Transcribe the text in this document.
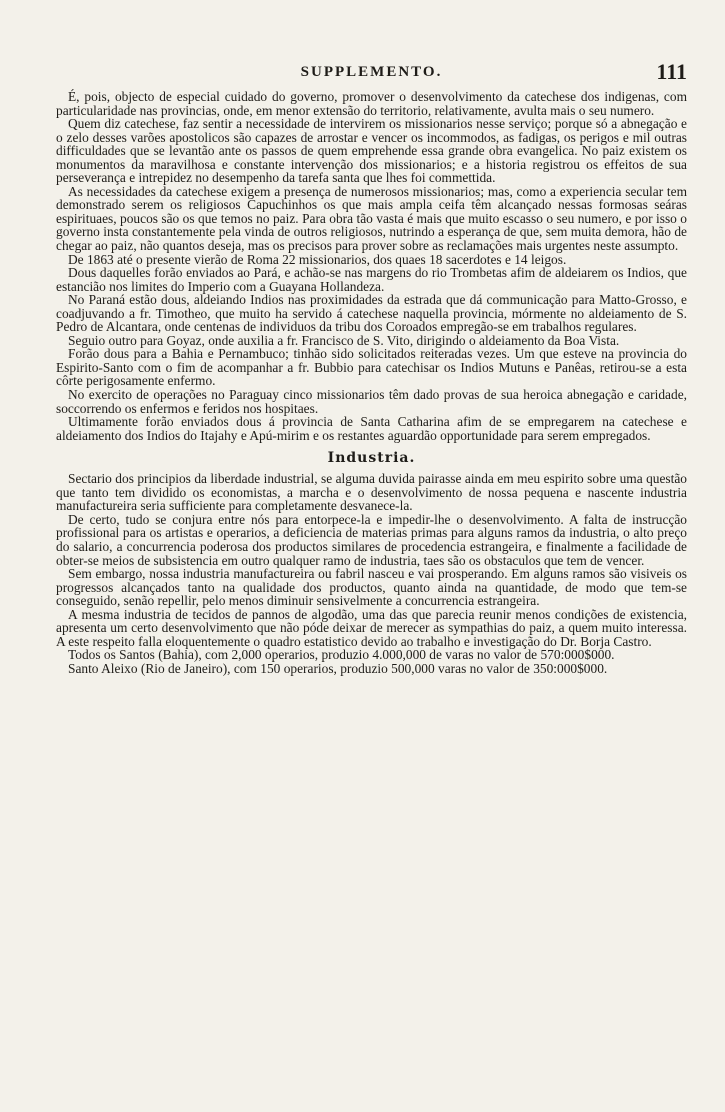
SUPPLEMENTO.	111

É, pois, objecto de especial cuidado do governo, promover o desenvolvimento da catechese dos indigenas, com particularidade nas provincias, onde, em menor extensão do territorio, relativamente, avulta mais o seu numero.

Quem diz catechese, faz sentir a necessidade de intervirem os missionarios nesse serviço; porque só a abnegação e o zelo desses varões apostolicos são capazes de arrostar e vencer os incommodos, as fadigas, os perigos e mil outras difficuldades que se levantão ante os passos de quem emprehende essa grande obra evangelica. No paiz existem os monumentos da maravilhosa e constante intervenção dos missionarios; e a historia registrou os effeitos de sua perseverança e intrepidez no desempenho da tarefa santa que lhes foi commettida.

As necessidades da catechese exigem a presença de numerosos missionarios; mas, como a experiencia secular tem demonstrado serem os religiosos Capuchinhos os que mais ampla ceifa têm alcançado nessas formosas seáras espirituaes, poucos são os que temos no paiz. Para obra tão vasta é mais que muito escasso o seu numero, e por isso o governo insta constantemente pela vinda de outros religiosos, nutrindo a esperança de que, sem muita demora, hão de chegar ao paiz, não quantos deseja, mas os precisos para prover sobre as reclamações mais urgentes neste assumpto.

De 1863 até o presente vierão de Roma 22 missionarios, dos quaes 18 sacerdotes e 14 leigos.

Dous daquelles forão enviados ao Pará, e achão-se nas margens do rio Trombetas afim de aldeiarem os Indios, que estancião nos limites do Imperio com a Guayana Hollandeza.

No Paraná estão dous, aldeiando Indios nas proximidades da estrada que dá communicação para Matto-Grosso, e coadjuvando a fr. Timotheo, que muito ha servido á catechese naquella provincia, mórmente no aldeiamento de S. Pedro de Alcantara, onde centenas de individuos da tribu dos Coroados empregão-se em trabalhos regulares.

Seguio outro para Goyaz, onde auxilia a fr. Francisco de S. Vito, dirigindo o aldeiamento da Boa Vista.

Forão dous para a Bahia e Pernambuco; tinhão sido solicitados reiteradas vezes. Um que esteve na provincia do Espirito-Santo com o fim de acompanhar a fr. Bubbio para catechisar os Indios Mutuns e Panêas, retirou-se a esta côrte perigosamente enfermo.

No exercito de operações no Paraguay cinco missionarios têm dado provas de sua heroica abnegação e caridade, soccorrendo os enfermos e feridos nos hospitaes.

Ultimamente forão enviados dous á provincia de Santa Catharina afim de se empregarem na catechese e aldeiamento dos Indios do Itajahy e Apú-mirim e os restantes aguardão opportunidade para serem empregados.

Industria.

Sectario dos principios da liberdade industrial, se alguma duvida pairasse ainda em meu espirito sobre uma questão que tanto tem dividido os economistas, a marcha e o desenvolvimento de nossa pequena e nascente industria manufactureira seria sufficiente para completamente desvanece-la.

De certo, tudo se conjura entre nós para entorpece-la e impedir-lhe o desenvolvimento. A falta de instrucção profissional para os artistas e operarios, a deficiencia de materias primas para alguns ramos da industria, o alto preço do salario, a concurrencia poderosa dos productos similares de procedencia estrangeira, e finalmente a facilidade de obter-se meios de subsistencia em outro qualquer ramo de industria, taes são os obstaculos que tem de vencer.

Sem embargo, nossa industria manufactureira ou fabril nasceu e vai prosperando. Em alguns ramos são visiveis os progressos alcançados tanto na qualidade dos productos, quanto ainda na quantidade, de modo que tem-se conseguido, senão repellir, pelo menos diminuir sensivelmente a concurrencia estrangeira.

A mesma industria de tecidos de pannos de algodão, uma das que parecia reunir menos condições de existencia, apresenta um certo desenvolvimento que não póde deixar de merecer as sympathias do paiz, a quem muito interessa. A este respeito falla eloquentemente o quadro estatistico devido ao trabalho e investigação do Dr. Borja Castro.

Todos os Santos (Bahia), com 2,000 operarios, produzio 4.000,000 de varas no valor de 570:000$000.

Santo Aleixo (Rio de Janeiro), com 150 operarios, produzio 500,000 varas no valor de 350:000$000.
